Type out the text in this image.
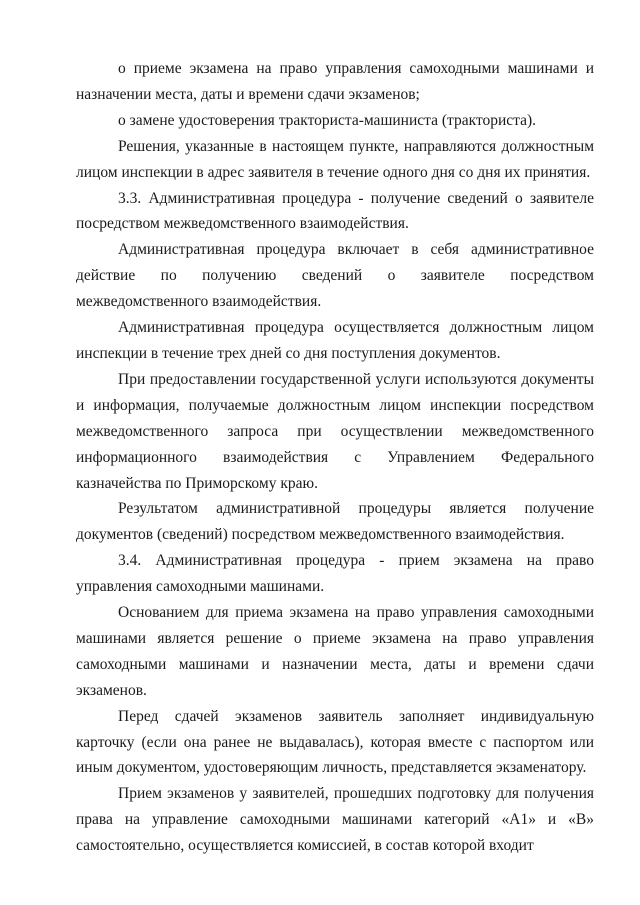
о приеме экзамена на право управления самоходными машинами и назначении места, даты и времени сдачи экзаменов;

о замене удостоверения тракториста-машиниста (тракториста).

Решения, указанные в настоящем пункте, направляются должностным лицом инспекции в адрес заявителя в течение одного дня со дня их принятия.

3.3. Административная процедура - получение сведений о заявителе посредством межведомственного взаимодействия.

Административная процедура включает в себя административное действие по получению сведений о заявителе посредством межведомственного взаимодействия.

Административная процедура осуществляется должностным лицом инспекции в течение трех дней со дня поступления документов.

При предоставлении государственной услуги используются документы и информация, получаемые должностным лицом инспекции посредством межведомственного запроса при осуществлении межведомственного информационного взаимодействия с Управлением Федерального казначейства по Приморскому краю.

Результатом административной процедуры является получение документов (сведений) посредством межведомственного взаимодействия.

3.4. Административная процедура - прием экзамена на право управления самоходными машинами.

Основанием для приема экзамена на право управления самоходными машинами является решение о приеме экзамена на право управления самоходными машинами и назначении места, даты и времени сдачи экзаменов.

Перед сдачей экзаменов заявитель заполняет индивидуальную карточку (если она ранее не выдавалась), которая вместе с паспортом или иным документом, удостоверяющим личность, представляется экзаменатору.

Прием экзаменов у заявителей, прошедших подготовку для получения права на управление самоходными машинами категорий «A1» и «B» самостоятельно, осуществляется комиссией, в состав которой входит
